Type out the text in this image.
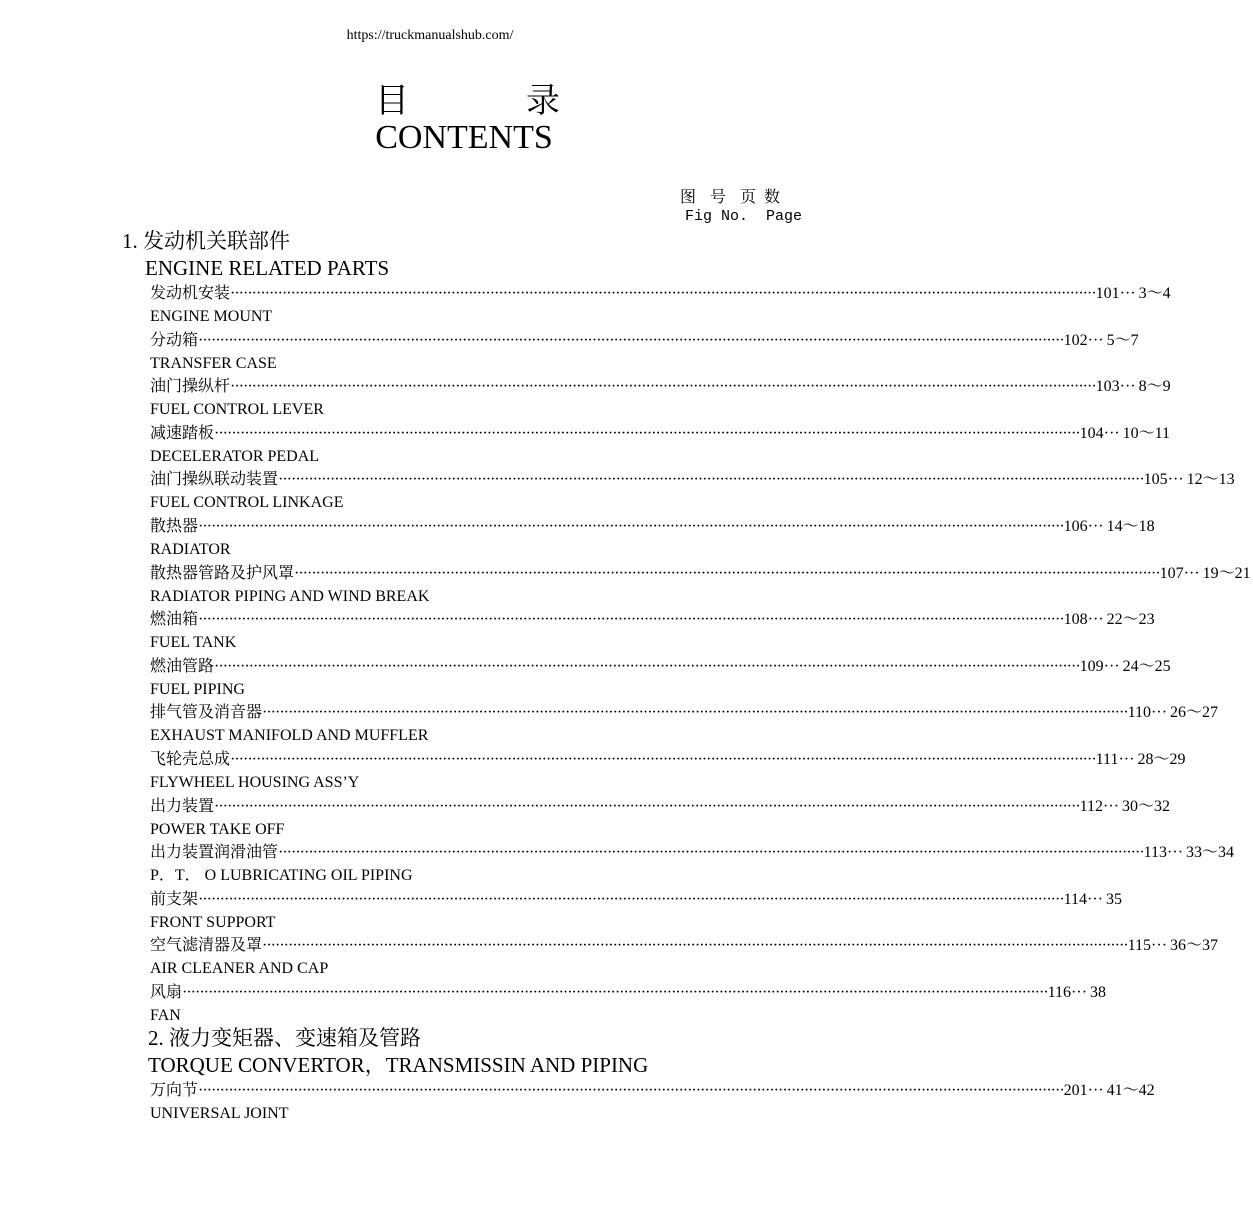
https://truckmanualshub.com/
目	录
CONTENTS
图  号  页 数
Fig No.  Page
1. 发动机关联部件
ENGINE RELATED PARTS
发动机安装 ········································································································································································································ 101··· 3～4
ENGINE MOUNT
分动箱 ········································································································································································································ 102··· 5～7
TRANSFER CASE
油门操纵杆 ········································································································································································································ 103··· 8～9
FUEL CONTROL LEVER
减速踏板 ········································································································································································································ 104··· 10～11
DECELERATOR PEDAL
油门操纵联动装置 ········································································································································································································ 105··· 12～13
FUEL CONTROL LINKAGE
散热器 ········································································································································································································ 106··· 14～18
RADIATOR
散热器管路及护风罩 ········································································································································································································ 107··· 19～21
RADIATOR PIPING AND WIND BREAK
燃油箱 ········································································································································································································ 108··· 22～23
FUEL TANK
燃油管路 ········································································································································································································ 109··· 24～25
FUEL PIPING
排气管及消音器 ········································································································································································································ 110··· 26～27
EXHAUST MANIFOLD AND MUFFLER
飞轮壳总成 ········································································································································································································ 111··· 28～29
FLYWHEEL HOUSING ASS’Y
出力装置 ········································································································································································································ 112··· 30～32
POWER TAKE OFF
出力装置润滑油管 ········································································································································································································ 113··· 33～34
P．T． O LUBRICATING OIL PIPING
前支架 ········································································································································································································ 114··· 35
FRONT SUPPORT
空气滤清器及罩 ········································································································································································································ 115··· 36～37
AIR CLEANER AND CAP
风扇 ········································································································································································································ 116··· 38
FAN
2. 液力变矩器、变速箱及管路
TORQUE CONVERTOR，TRANSMISSIN AND PIPING
万向节 ········································································································································································································ 201··· 41～42
UNIVERSAL JOINT
